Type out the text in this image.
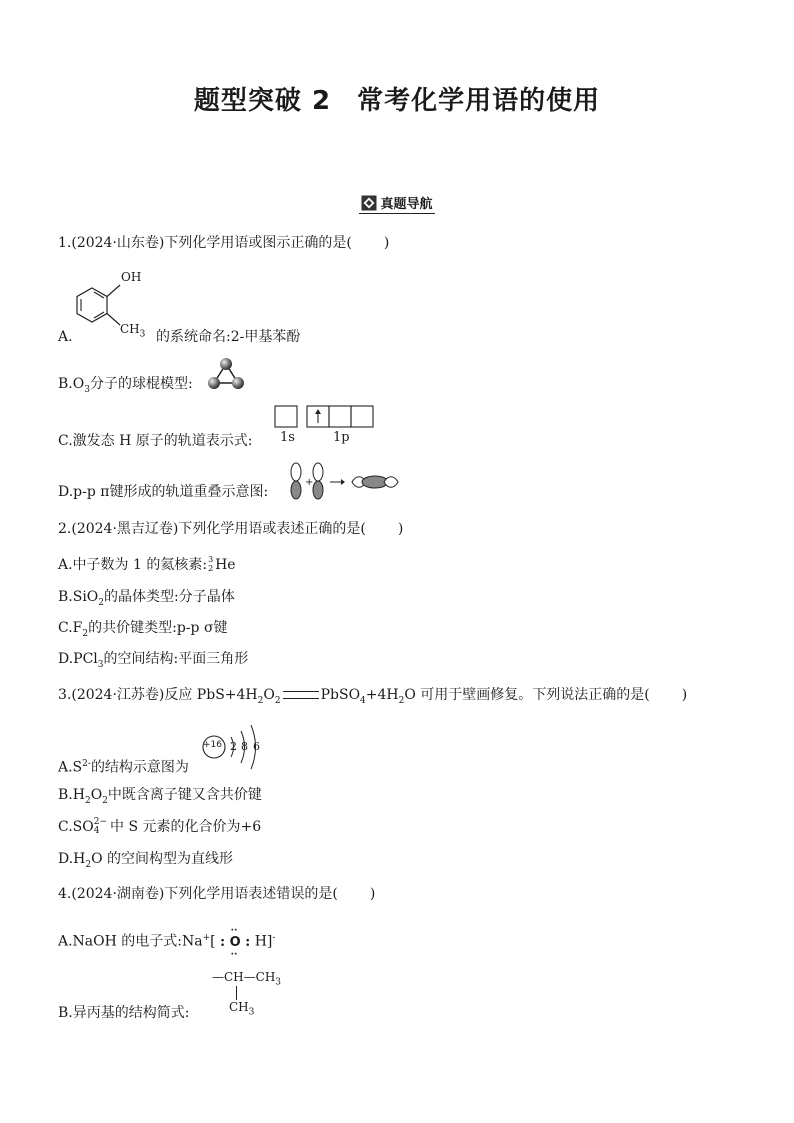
题型突破 2 常考化学用语的使用
真题导航
1.(2024·山东卷)下列化学用语或图示正确的是( )
OH
$CH_3$
A.	的系统命名:2-甲基苯酚
$B.O_3$分子的球棍模型:
C.激发态 H 原子的轨道表示式: 1s	1p
D.p-p π键形成的轨道重叠示意图:
+
2.(2024·黑吉辽卷)下列化学用语或表述正确的是( )
A.中子数为 1 的氦核素: 3
2 He
B.SiO$_2$的晶体类型:分子晶体
$C.F_2$的共价键类型:p-p σ键
D.PCl$_3$的空间结构:平面三角形
3.(2024·江苏卷)反应 $PbS+4H_2O_2$	$PbSO_4+4H_2O$ 可用于壁画修复。下列说法正确的是( )
+16 2 8 6
$A.S^{2-}$的结构示意图为
$B.H_2O_2$中既含离子键又含共价键
C.SO 2−
4 中 S 元素的化合价为+6
$D.H_2O$ 的空间构型为直线形
4.(2024·湖南卷)下列化学用语表述错误的是( )
A.NaOH 的电子式:Na+[ :
··
O
··
: H]-
$—CH—CH_3$
$CH_3$
B.异丙基的结构简式:
